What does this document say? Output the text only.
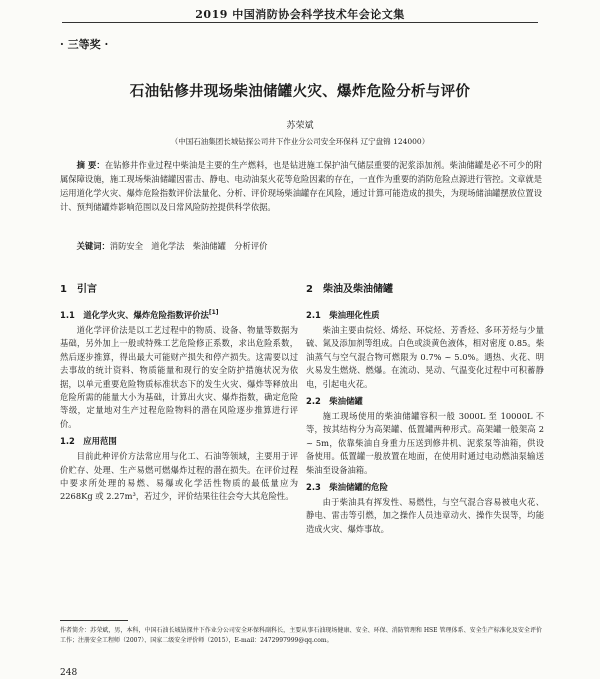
2019 中国消防协会科学技术年会论文集
· 三等奖 ·
石油钻修井现场柴油储罐火灾、爆炸危险分析与评价
苏荣斌
（中国石油集团长城钻探公司井下作业分公司安全环保科 辽宁盘锦 124000）

摘 要：在钻修井作业过程中柴油是主要的生产燃料，也是钻进施工保护油气储层重要的泥浆添加剂。柴油储罐是必不可少的附属保障设施，施工现场柴油储罐因雷击、静电、电动油泵火花等危险因素的存在，一直作为重要的消防危险点源进行管控。文章就是运用道化学火灾、爆炸危险指数评价法量化、分析、评价现场柴油罐存在风险，通过计算可能造成的损失，为现场储油罐摆放位置设计、预判储罐炸影响范围以及日常风险防控提供科学依据。

关键词：消防安全　道化学法　柴油储罐　分析评价

1　引言
1.1　道化学火灾、爆炸危险指数评价法[1]

道化学评价法是以工艺过程中的物质、设备、物量等数据为基础，另外加上一般或特殊工艺危险修正系数，求出危险系数，然后逐步推算，得出最大可能财产损失和停产损失。这需要以过去事故的统计资料、物质能量和现行的安全防护措施状况为依据，以单元重要危险物质标准状态下的发生火灾、爆炸等释放出危险所需的能量大小为基础，计算出火灾、爆炸指数，确定危险等级，定量地对生产过程危险物料的潜在风险逐步推算进行评价。

1.2　应用范围

目前此种评价方法常应用与化工、石油等领域，主要用于评价贮存、处理、生产易燃可燃爆炸过程的潜在损失。在评价过程中要求所处理的易燃、易爆或化学活性物质的最低量应为 2268Kg 或 2.27m³，若过少，评价结果往往会夸大其危险性。

2　柴油及柴油储罐
2.1　柴油理化性质

柴油主要由烷烃、烯烃、环烷烃、芳香烃、多环芳烃与少量硫、氮及添加剂等组成。白色或淡黄色液体，相对密度 0.85。柴油蒸气与空气混合物可燃限为 0.7% ~ 5.0%。遇热、火花、明火易发生燃烧、燃爆。在流动、晃动、气温变化过程中可积蓄静电，引起电火花。

2.2　柴油储罐

施工现场使用的柴油储罐容积一般 3000L 至 10000L 不等，按其结构分为高架罐、低置罐两种形式。高架罐一般架高 2 ~ 5m，依靠柴油自身重力压送到修井机、泥浆泵等油箱，供设备使用。低置罐一般放置在地面，在使用时通过电动燃油泵输送柴油至设备油箱。

2.3　柴油储罐的危险

由于柴油具有挥发性、易燃性，与空气混合容易被电火花、静电、雷击等引燃，加之操作人员违章动火、操作失误等，均能造成火灾、爆炸事故。

作者简介：苏荣斌，男，本科，中国石油长城钻探井下作业分公司安全环保科副科长，主要从事石油现场健康、安全、环保、消防管理和 HSE 管理体系、安全生产标准化及安全评价工作；注册安全工程师（2007）、国家二级安全评价师（2015），E-mail：2472997999@qq.com。

248
